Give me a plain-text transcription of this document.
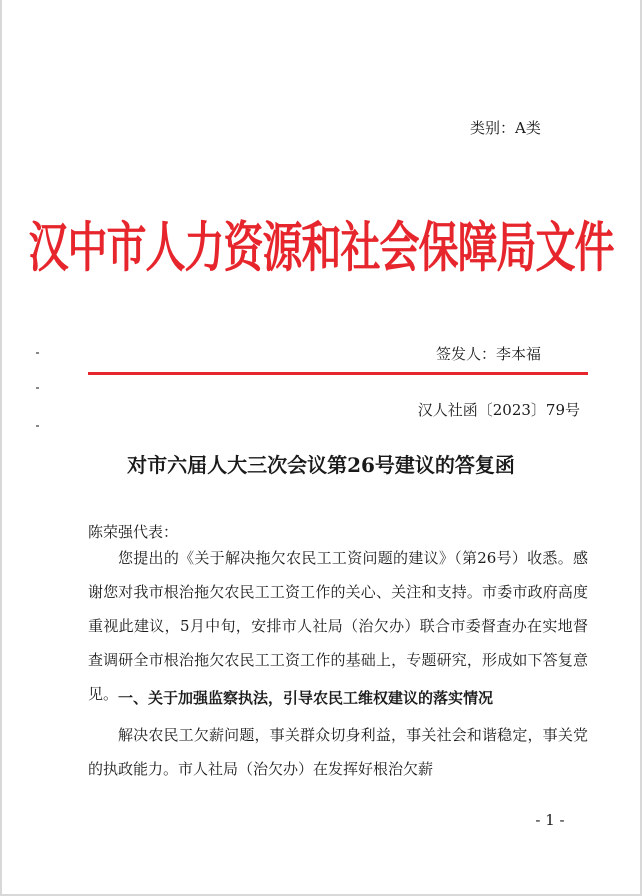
类别：A类
汉中市人力资源和社会保障局文件
签发人：李本福
汉人社函〔2023〕79号
对市六届人大三次会议第26号建议的答复函
陈荣强代表：
您提出的《关于解决拖欠农民工工资问题的建议》（第26号）收悉。感谢您对我市根治拖欠农民工工资工作的关心、关注和支持。市委市政府高度重视此建议，5月中旬，安排市人社局（治欠办）联合市委督查办在实地督查调研全市根治拖欠农民工工资工作的基础上，专题研究，形成如下答复意见。 一、关于加强监察执法，引导农民工维权建议的落实情况
解决农民工欠薪问题，事关群众切身利益，事关社会和谐稳定，事关党的执政能力。市人社局（治欠办）在发挥好根治欠薪
- 1 -
